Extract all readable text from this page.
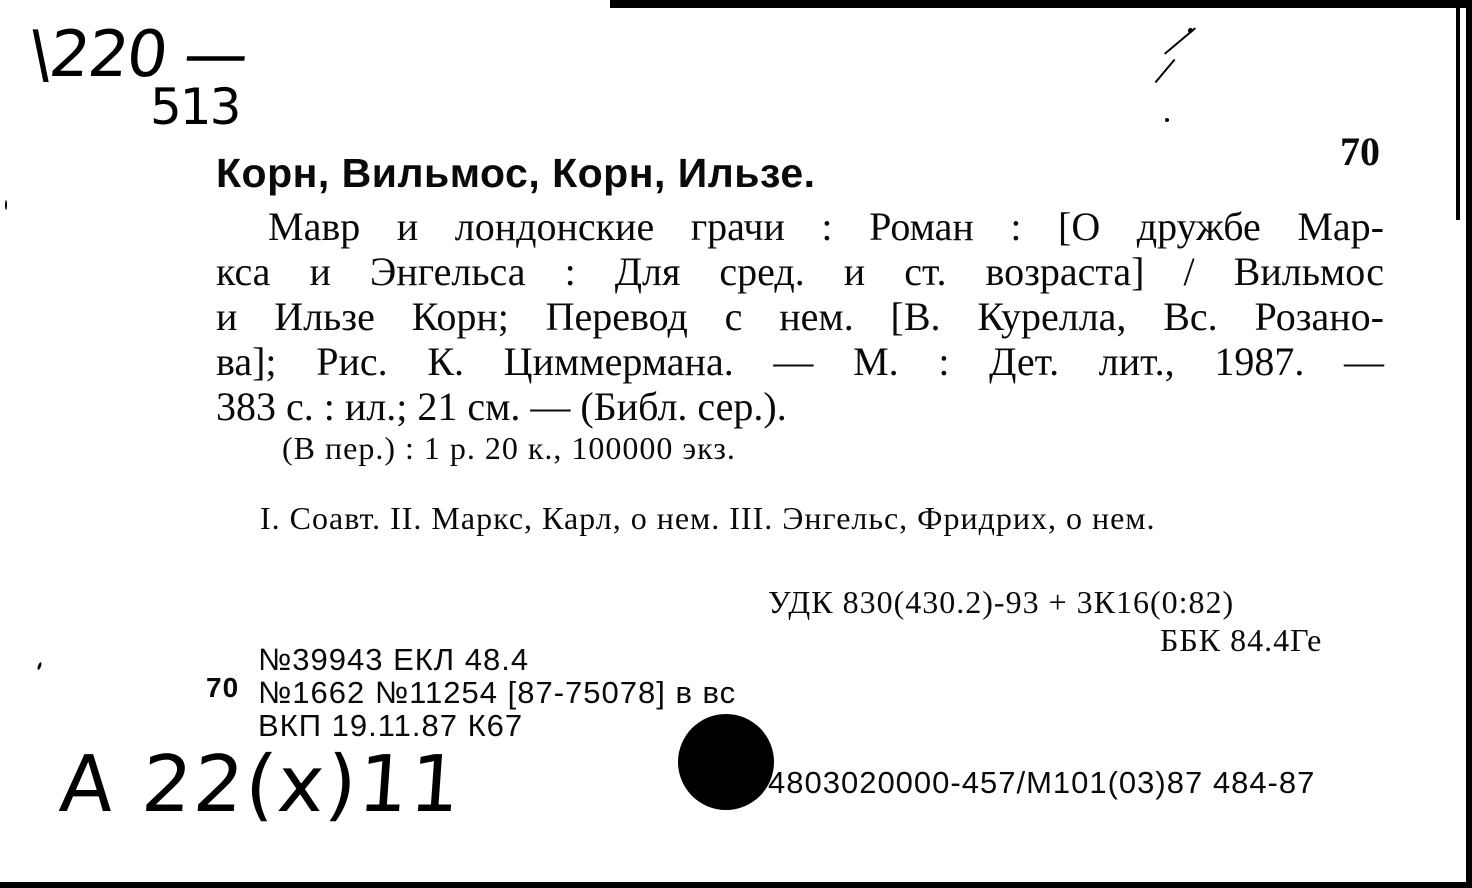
\220 —
513
70
Корн, Вильмос, Корн, Ильзе.
Мавр и лондонские грачи : Роман : [О дружбе Мар-
кса и Энгельса : Для сред. и ст. возраста] / Вильмос
и Ильзе Корн; Перевод с нем. [В. Курелла, Вс. Розано-
ва]; Рис. К. Циммермана. — М. : Дет. лит., 1987. —
383 с. : ил.; 21 см. — (Библ. сер.).
(В пер.) : 1 р. 20 к., 100000 экз.
I. Соавт. II. Маркс, Карл, о нем. III. Энгельс, Фридрих, о нем.
УДК 830(430.2)-93 + 3К16(0:82)
ББК 84.4Ге
№39943 ЕКЛ 48.4
70 №1662 №11254 [87-75078] в вс
ВКП 19.11.87 К67
A 22(x)11	4803020000-457/М101(03)87 484-87
